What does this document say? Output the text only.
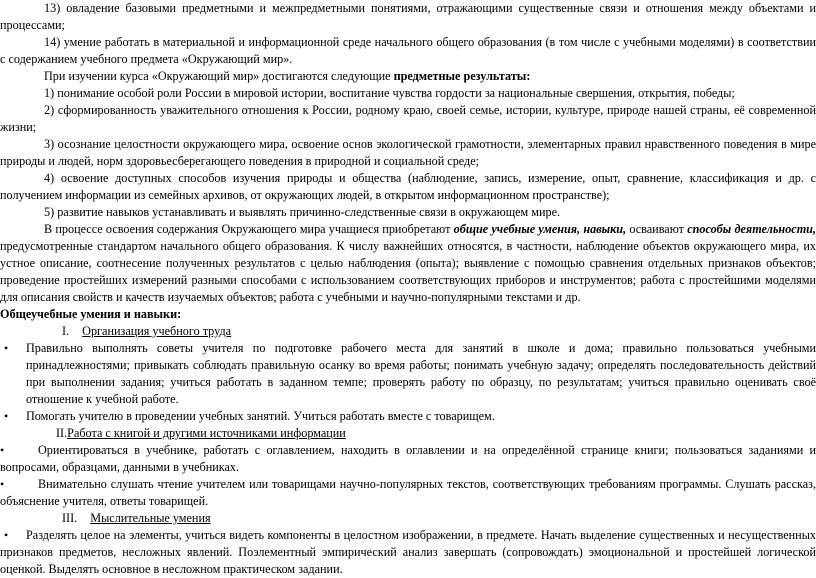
13) овладение базовыми предметными и межпредметными понятиями, отражающими существенные связи и отношения между объектами и
процессами;
14) умение работать в материальной и информационной среде начального общего образования (в том числе с учебными моделями) в соответствии
с содержанием учебного предмета «Окружающий мир».
При изучении курса «Окружающий мир» достигаются следующие предметные результаты:
1) понимание особой роли России в мировой истории, воспитание чувства гордости за национальные свершения, открытия, победы;
2) сформированность уважительного отношения к России, родному краю, своей семье, истории, культуре, природе нашей страны, её современной
жизни;
3) осознание целостности окружающего мира, освоение основ экологической грамотности, элементарных правил нравственного поведения в мире
природы и людей, норм здоровьесберегающего поведения в природной и социальной среде;
4) освоение доступных способов изучения природы и общества (наблюдение, запись, измерение, опыт, сравнение, классификация и др. с
получением информации из семейных архивов, от окружающих людей, в открытом информационном пространстве);
5) развитие навыков устанавливать и выявлять причинно-следственные связи в окружающем мире.
В процессе освоения содержания Окружающего мира учащиеся приобретают общие учебные умения, навыки, осваивают способы деятельности,
предусмотренные стандартом начального общего образования. К числу важнейших относятся, в частности, наблюдение объектов окружающего мира, их
устное описание, соотнесение полученных результатов с целью наблюдения (опыта); выявление с помощью сравнения отдельных признаков объектов;
проведение простейших измерений разными способами с использованием соответствующих приборов и инструментов; работа с простейшими моделями
для описания свойств и качеств изучаемых объектов; работа с учебными и научно-популярными текстами и др.
Общеучебные умения и навыки:
I. Организация учебного труда
• Правильно выполнять советы учителя по подготовке рабочего места для занятий в школе и дома; правильно пользоваться учебными
принадлежностями; привыкать соблюдать правильную осанку во время работы; понимать учебную задачу; определять последовательность действий
при выполнении задания; учиться работать в заданном темпе; проверять работу по образцу, по результатам; учиться правильно оценивать своё
отношение к учебной работе.
• Помогать учителю в проведении учебных занятий. Учиться работать вместе с товарищем.
II.Работа с книгой и другими источниками информации
•	Ориентироваться в учебнике, работать с оглавлением, находить в оглавлении и на определённой странице книги; пользоваться заданиями и
вопросами, образцами, данными в учебниках.
•	Внимательно слушать чтение учителем или товарищами научно-популярных текстов, соответствующих требованиям программы. Слушать рассказ,
объяснение учителя, ответы товарищей.
III. Мыслительные умения
• Разделять целое на элементы, учиться видеть компоненты в целостном изображении, в предмете. Начать выделение существенных и несущественных
признаков предметов, несложных явлений. Поэлементный эмпирический анализ завершать (сопровождать) эмоциональной и простейшей логической
оценкой. Выделять основное в несложном практическом задании.
